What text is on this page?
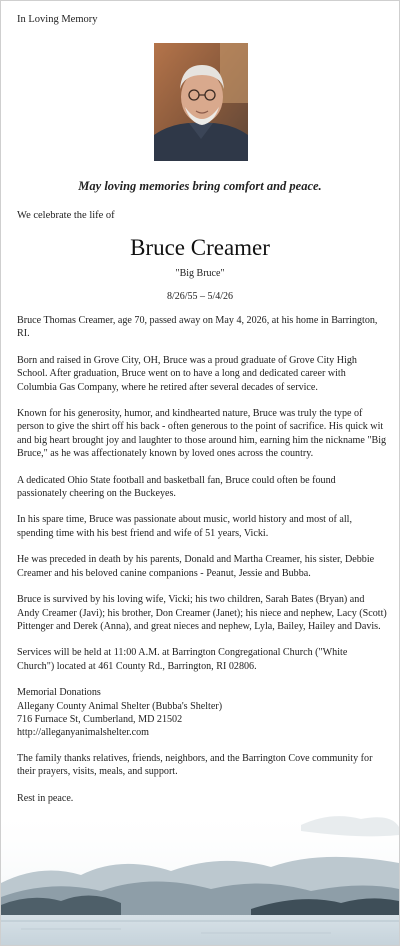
In Loving Memory
May loving memories bring comfort and peace.
We celebrate the life of
Bruce Creamer
"Big Bruce"
8/26/55 – 5/4/26

Bruce Thomas Creamer, age 70, passed away on May 4, 2026, at his home in Barrington, RI.

Born and raised in Grove City, OH, Bruce was a proud graduate of Grove City High School. After graduation, Bruce went on to have a long and dedicated career with Columbia Gas Company, where he retired after several decades of service.

Known for his generosity, humor, and kindhearted nature, Bruce was truly the type of person to give the shirt off his back - often generous to the point of sacrifice. His quick wit and big heart brought joy and laughter to those around him, earning him the nickname "Big Bruce," as he was affectionately known by loved ones across the country.

A dedicated Ohio State football and basketball fan, Bruce could often be found passionately cheering on the Buckeyes.

In his spare time, Bruce was passionate about music, world history and most of all, spending time with his best friend and wife of 51 years, Vicki.

He was preceded in death by his parents, Donald and Martha Creamer, his sister, Debbie Creamer and his beloved canine companions - Peanut, Jessie and Bubba.

Bruce is survived by his loving wife, Vicki; his two children, Sarah Bates (Bryan) and Andy Creamer (Javi); his brother, Don Creamer (Janet); his niece and nephew, Lacy (Scott) Pittenger and Derek (Anna), and great nieces and nephew, Lyla, Bailey, Hailey and Davis.

Services will be held at 11:00 A.M. at Barrington Congregational Church ("White Church") located at 461 County Rd., Barrington, RI 02806.

Memorial Donations
Allegany County Animal Shelter (Bubba's Shelter)
716 Furnace St, Cumberland, MD 21502
http://alleganyanimalshelter.com

The family thanks relatives, friends, neighbors, and the Barrington Cove community for their prayers, visits, meals, and support.

Rest in peace.
